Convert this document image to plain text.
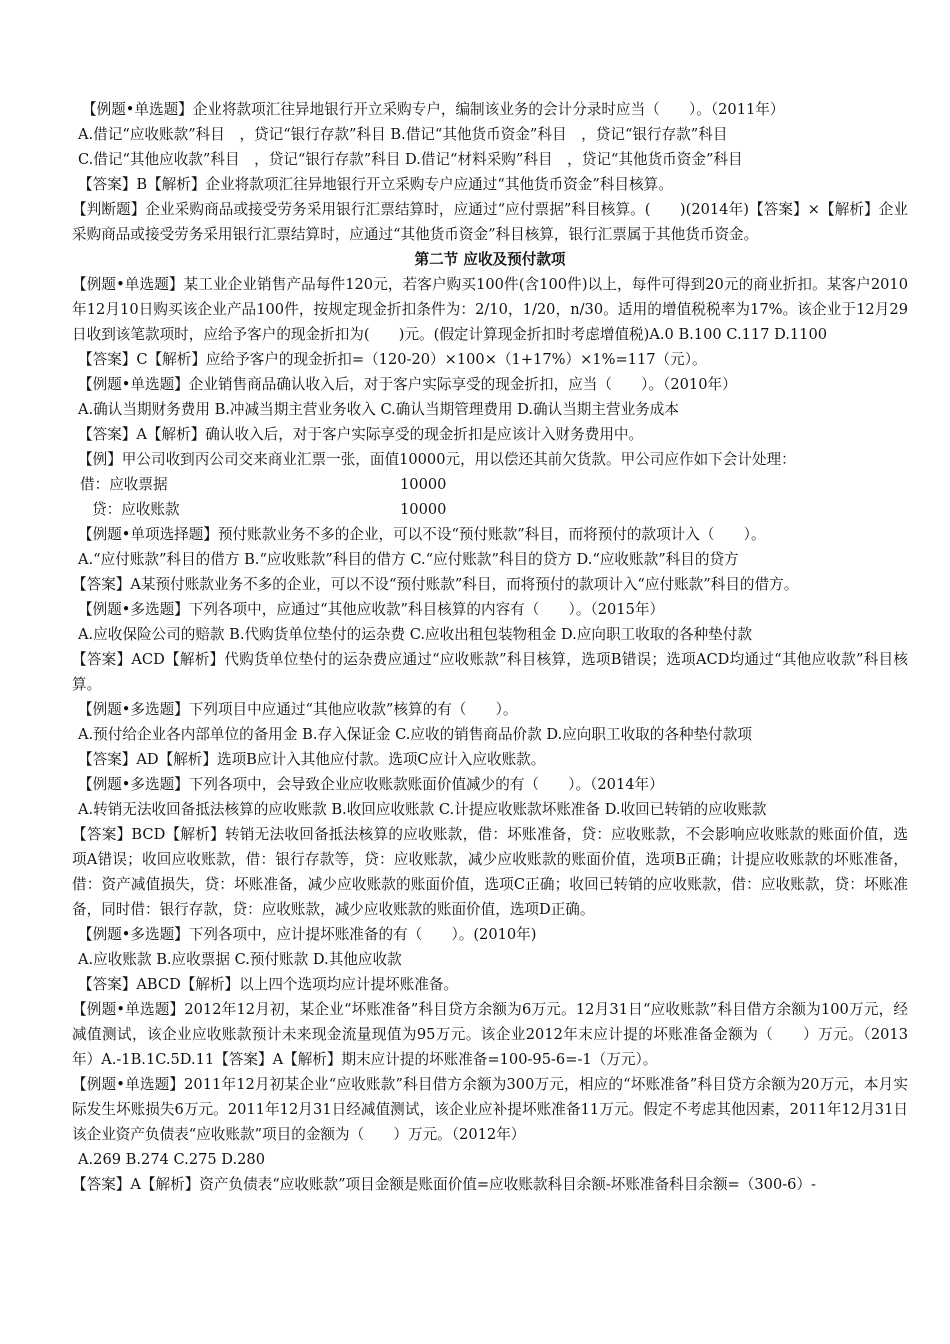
【例题•单选题】企业将款项汇往异地银行开立采购专户，编制该业务的会计分录时应当（　　）。（2011年）

A.借记“应收账款”科目　，贷记“银行存款”科目 B.借记“其他货币资金”科目　，贷记“银行存款”科目

C.借记“其他应收款”科目　，贷记“银行存款”科目 D.借记“材料采购”科目　，贷记“其他货币资金”科目

【答案】B【解析】企业将款项汇往异地银行开立采购专户应通过“其他货币资金”科目核算。

【判断题】企业采购商品或接受劳务采用银行汇票结算时，应通过“应付票据”科目核算。(　　)(2014年)【答案】×【解析】企业采购商品或接受劳务采用银行汇票结算时，应通过“其他货币资金”科目核算，银行汇票属于其他货币资金。

第二节 应收及预付款项

【例题•单选题】某工业企业销售产品每件120元，若客户购买100件(含100件)以上，每件可得到20元的商业折扣。某客户2010年12月10日购买该企业产品100件，按规定现金折扣条件为：2/10，1/20，n/30。适用的增值税税率为17%。该企业于12月29日收到该笔款项时，应给予客户的现金折扣为(　　)元。(假定计算现金折扣时考虑增值税)A.0 B.100 C.117 D.1100

【答案】C【解析】应给予客户的现金折扣=（120-20）×100×（1+17%）×1%=117（元）。

【例题•单选题】企业销售商品确认收入后，对于客户实际享受的现金折扣，应当（　　）。（2010年）

A.确认当期财务费用 B.冲减当期主营业务收入 C.确认当期管理费用 D.确认当期主营业务成本

【答案】A【解析】确认收入后，对于客户实际享受的现金折扣是应该计入财务费用中。

【例】甲公司收到丙公司交来商业汇票一张，面值10000元，用以偿还其前欠货款。甲公司应作如下会计处理：

借：应收票据	10000
贷：应收账款	10000

【例题•单项选择题】预付账款业务不多的企业，可以不设“预付账款”科目，而将预付的款项计入（　　）。

A.“应付账款”科目的借方 B.“应收账款”科目的借方 C.“应付账款”科目的贷方 D.“应收账款”科目的贷方

【答案】A某预付账款业务不多的企业，可以不设“预付账款”科目，而将预付的款项计入“应付账款”科目的借方。

【例题•多选题】下列各项中，应通过“其他应收款”科目核算的内容有（　　）。（2015年）

A.应收保险公司的赔款 B.代购货单位垫付的运杂费 C.应收出租包装物租金 D.应向职工收取的各种垫付款

【答案】ACD【解析】代购货单位垫付的运杂费应通过“应收账款”科目核算，选项B错误；选项ACD均通过“其他应收款”科目核算。

【例题•多选题】下列项目中应通过“其他应收款”核算的有（　　）。

A.预付给企业各内部单位的备用金 B.存入保证金 C.应收的销售商品价款 D.应向职工收取的各种垫付款项

【答案】AD【解析】选项B应计入其他应付款。选项C应计入应收账款。

【例题•多选题】下列各项中，会导致企业应收账款账面价值减少的有（　　）。（2014年）

A.转销无法收回备抵法核算的应收账款 B.收回应收账款 C.计提应收账款坏账准备 D.收回已转销的应收账款

【答案】BCD【解析】转销无法收回备抵法核算的应收账款，借：坏账准备，贷：应收账款，不会影响应收账款的账面价值，选项A错误；收回应收账款，借：银行存款等，贷：应收账款，减少应收账款的账面价值，选项B正确；计提应收账款的坏账准备，借：资产减值损失，贷：坏账准备，减少应收账款的账面价值，选项C正确；收回已转销的应收账款，借：应收账款，贷：坏账准备，同时借：银行存款，贷：应收账款，减少应收账款的账面价值，选项D正确。

【例题•多选题】下列各项中，应计提坏账准备的有（　　）。(2010年)

A.应收账款 B.应收票据 C.预付账款 D.其他应收款

【答案】ABCD【解析】以上四个选项均应计提坏账准备。

【例题•单选题】2012年12月初，某企业“坏账准备”科目贷方余额为6万元。12月31日“应收账款”科目借方余额为100万元，经减值测试，该企业应收账款预计未来现金流量现值为95万元。该企业2012年末应计提的坏账准备金额为（　　）万元。（2013年）A.-1B.1C.5D.11【答案】A【解析】期末应计提的坏账准备=100-95-6=-1（万元）。

【例题•单选题】2011年12月初某企业“应收账款”科目借方余额为300万元，相应的“坏账准备”科目贷方余额为20万元，本月实际发生坏账损失6万元。2011年12月31日经减值测试，该企业应补提坏账准备11万元。假定不考虑其他因素，2011年12月31日该企业资产负债表“应收账款”项目的金额为（　　）万元。（2012年）

A.269 B.274 C.275 D.280

【答案】A【解析】资产负债表“应收账款”项目金额是账面价值=应收账款科目余额-坏账准备科目余额=（300-6）-
